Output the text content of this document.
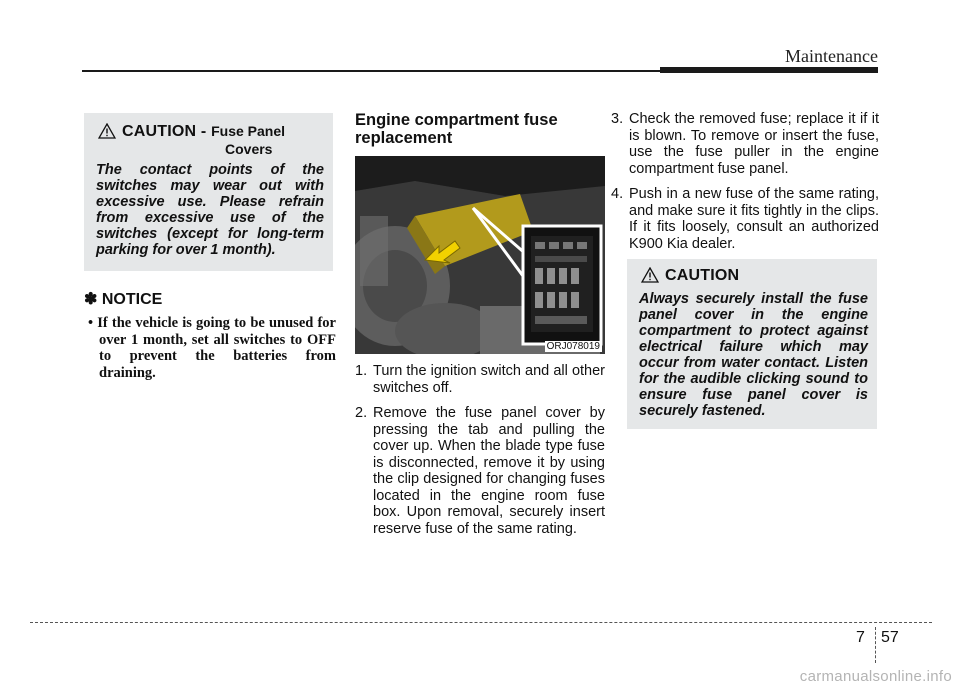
Maintenance
CAUTION - Fuse Panel
Covers

The contact points of the switches may wear out with excessive use. Please refrain from excessive use of the switches (except for long-term parking for over 1 month).

✽ NOTICE

• If the vehicle is going to be unused for over 1 month, set all switches to OFF to prevent the batteries from draining.

Engine compartment fuse replacement
ORJ078019
1. Turn the ignition switch and all other switches off.
2. Remove the fuse panel cover by pressing the tab and pulling the cover up. When the blade type fuse is disconnected, remove it by using the clip designed for changing fuses located in the engine room fuse box. Upon removal, securely insert reserve fuse of the same rating.
3. Check the removed fuse; replace it if it is blown. To remove or insert the fuse, use the fuse puller in the engine compartment fuse panel.
4. Push in a new fuse of the same rating, and make sure it fits tightly in the clips. If it fits loosely, consult an authorized K900 Kia dealer.
CAUTION

Always securely install the fuse panel cover in the engine compartment to protect against electrical failure which may occur from water contact. Listen for the audible clicking sound to ensure fuse panel cover is securely fastened.

7 57
carmanualsonline.info
